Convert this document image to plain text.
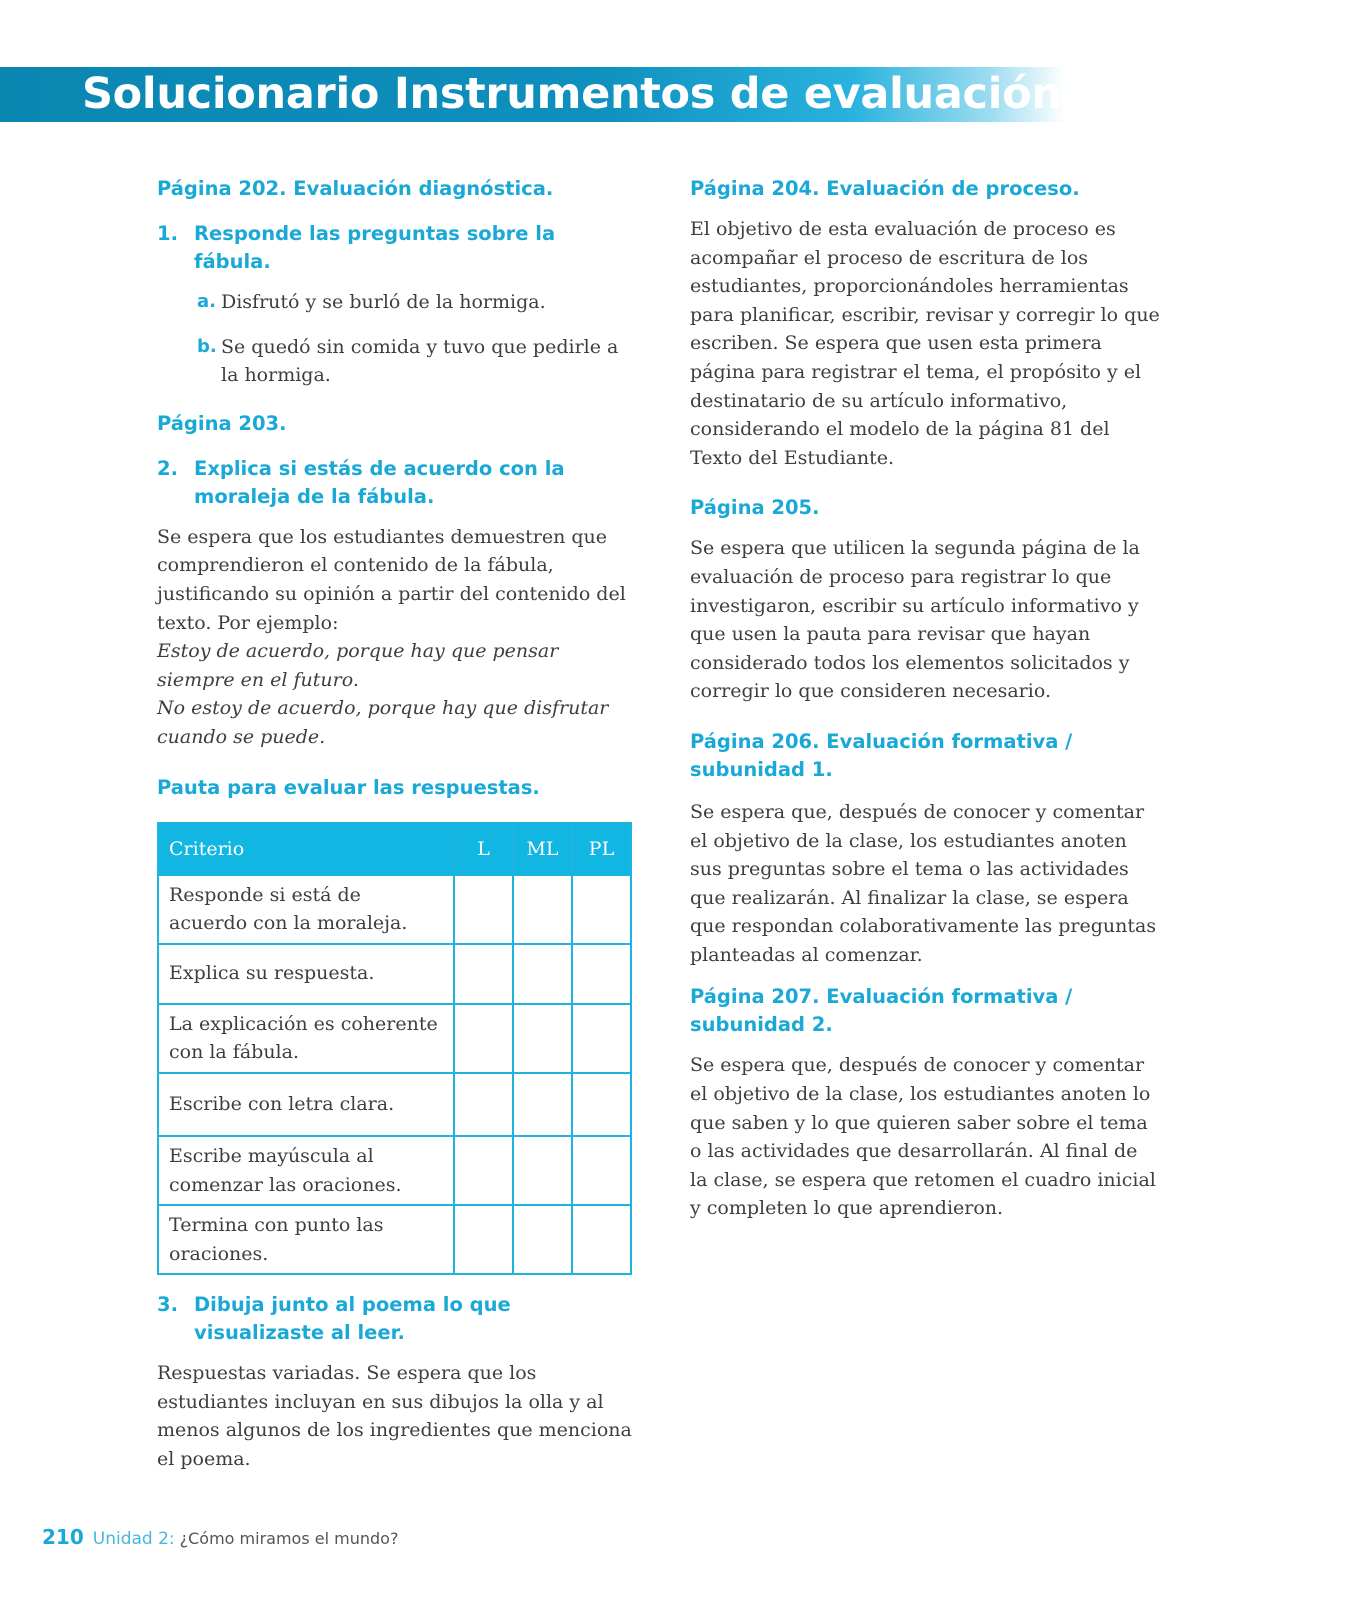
Solucionario Instrumentos de evaluación

Página 202. Evaluación diagnóstica.

1. Responde las preguntas sobre la fábula.
a. Disfrutó y se burló de la hormiga.
b. Se quedó sin comida y tuvo que pedirle a la hormiga.

Página 203.

2. Explica si estás de acuerdo con la moraleja de la fábula.

Se espera que los estudiantes demuestren que comprendieron el contenido de la fábula, justificando su opinión a partir del contenido del texto. Por ejemplo:

Estoy de acuerdo, porque hay que pensar siempre en el futuro.

No estoy de acuerdo, porque hay que disfrutar cuando se puede.

Pauta para evaluar las respuestas.

Criterio	L	ML	PL
Responde si está de acuerdo con la moraleja.			
Explica su respuesta.			
La explicación es coherente con la fábula.			
Escribe con letra clara.			
Escribe mayúscula al comenzar las oraciones.			
Termina con punto las oraciones.			
3. Dibuja junto al poema lo que visualizaste al leer.

Respuestas variadas. Se espera que los estudiantes incluyan en sus dibujos la olla y al menos algunos de los ingredientes que menciona el poema.

Página 204. Evaluación de proceso.

El objetivo de esta evaluación de proceso es acompañar el proceso de escritura de los estudiantes, proporcionándoles herramientas para planificar, escribir, revisar y corregir lo que escriben. Se espera que usen esta primera página para registrar el tema, el propósito y el destinatario de su artículo informativo, considerando el modelo de la página 81 del Texto del Estudiante.

Página 205.

Se espera que utilicen la segunda página de la evaluación de proceso para registrar lo que investigaron, escribir su artículo informativo y que usen la pauta para revisar que hayan considerado todos los elementos solicitados y corregir lo que consideren necesario.

Página 206. Evaluación formativa /

subunidad 1.

Se espera que, después de conocer y comentar el objetivo de la clase, los estudiantes anoten sus preguntas sobre el tema o las actividades que realizarán. Al finalizar la clase, se espera que respondan colaborativamente las preguntas planteadas al comenzar.

Página 207. Evaluación formativa /

subunidad 2.

Se espera que, después de conocer y comentar el objetivo de la clase, los estudiantes anoten lo que saben y lo que quieren saber sobre el tema o las actividades que desarrollarán. Al final de la clase, se espera que retomen el cuadro inicial y completen lo que aprendieron.

210 Unidad 2: ¿Cómo miramos el mundo?
